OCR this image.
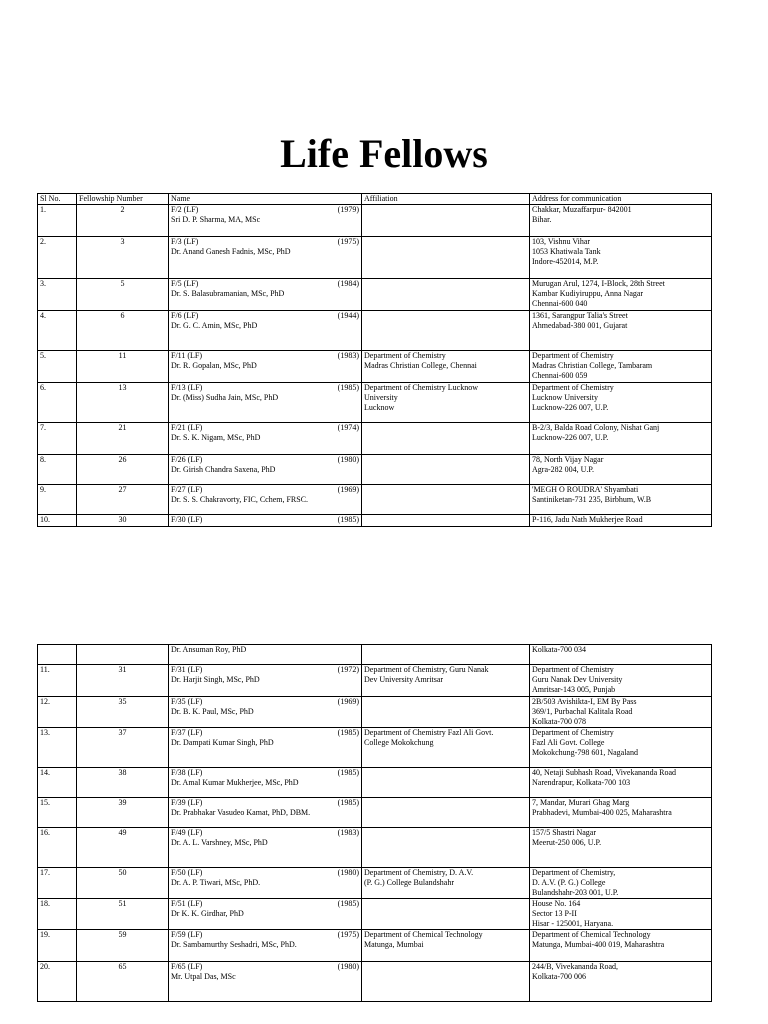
Life Fellows
Sl No.	Fellowship Number	Name	Affiliation	Address for communication
1.	2	F/2 (LF) (1979)
Sri D. P. Sharma, MA, MSc		Chakkar, Muzaffarpur- 842001
Bihar.

2.	3	F/3 (LF) (1975)
Dr. Anand Ganesh Fadnis, MSc, PhD		103, Vishnu Vihar
1053 Khatiwala Tank
Indore-452014, M.P.

3.	5	F/5 (LF) (1984)
Dr. S. Balasubramanian, MSc, PhD		Murugan Arul, 1274, I-Block, 28th Street
Kambar Kudiyiruppu, Anna Nagar
Chennai-600 040

4.	6	F/6 (LF) (1944)
Dr. G. C. Amin, MSc, PhD		1361, Sarangpur Talia's Street
Ahmedabad-380 001, Gujarat

5.	11	F/11 (LF) (1983)
Dr. R. Gopalan, MSc, PhD	Department of Chemistry
Madras Christian College, Chennai	Department of Chemistry
Madras Christian College, Tambaram
Chennai-600 059

6.	13	F/13 (LF) (1985)
Dr. (Miss) Sudha Jain, MSc, PhD	Department of Chemistry Lucknow
University
Lucknow	Department of Chemistry
Lucknow University
Lucknow-226 007, U.P.

7.	21	F/21 (LF) (1974)
Dr. S. K. Nigam, MSc, PhD		B-2/3, Balda Road Colony, Nishat Ganj
Lucknow-226 007, U.P.

8.	26	F/26 (LF) (1980)
Dr. Girish Chandra Saxena, PhD		78, North Vijay Nagar
Agra-282 004, U.P.

9.	27	F/27 (LF) (1969)
Dr. S. S. Chakravorty, FIC, Cchem, FRSC.		'MEGH O ROUDRA' Shyambati
Santiniketan-731 235, Birbhum, W.B

10.	30	F/30 (LF) (1985)		P-116, Jadu Nath Mukherjee Road

		Dr. Ansuman Roy, PhD		Kolkata-700 034

11.	31	F/31 (LF) (1972)
Dr. Harjit Singh, MSc, PhD	Department of Chemistry, Guru Nanak
Dev University Amritsar	Department of Chemistry
Guru Nanak Dev University
Amritsar-143 005, Punjab

12.	35	F/35 (LF) (1969)
Dr. B. K. Paul, MSc, PhD		2B/503 Avishikta-I, EM By Pass
369/1, Purbachal Kalitala Road
Kolkata-700 078

13.	37	F/37 (LF) (1985)
Dr. Dampati Kumar Singh, PhD	Department of Chemistry Fazl Ali Govt.
College Mokokchung	Department of Chemistry
Fazl Ali Govt. College
Mokokchung-798 601, Nagaland

14.	38	F/38 (LF) (1985)
Dr. Amal Kumar Mukherjee, MSc, PhD		40, Netaji Subhash Road, Vivekananda Road
Narendrapur, Kolkata-700 103

15.	39	F/39 (LF) (1985)
Dr. Prabhakar Vasudeo Kamat, PhD, DBM.		7, Mandar, Murari Ghag Marg
Prabhadevi, Mumbai-400 025, Maharashtra

16.	49	F/49 (LF) (1983)
Dr. A. L. Varshney, MSc, PhD		157/5 Shastri Nagar
Meerut-250 006, U.P.

17.	50	F/50 (LF) (1980)
Dr. A. P. Tiwari, MSc, PhD.	Department of Chemistry, D. A.V.
(P. G.) College Bulandshahr	Department of Chemistry,
D. A.V. (P. G.) College
Bulandshahr-203 001, U.P.

18.	51	F/51 (LF) (1985)
Dr K. K. Girdhar, PhD		House No. 164
Sector 13 P-II
Hisar - 125001, Haryana.

19.	59	F/59 (LF) (1975)
Dr. Sambamurthy Seshadri, MSc, PhD.	Department of Chemical Technology
Matunga, Mumbai	Department of Chemical Technology
Matunga, Mumbai-400 019, Maharashtra

20.	65	F/65 (LF) (1980)
Mr. Utpal Das, MSc		244/B, Vivekananda Road,
Kolkata-700 006
